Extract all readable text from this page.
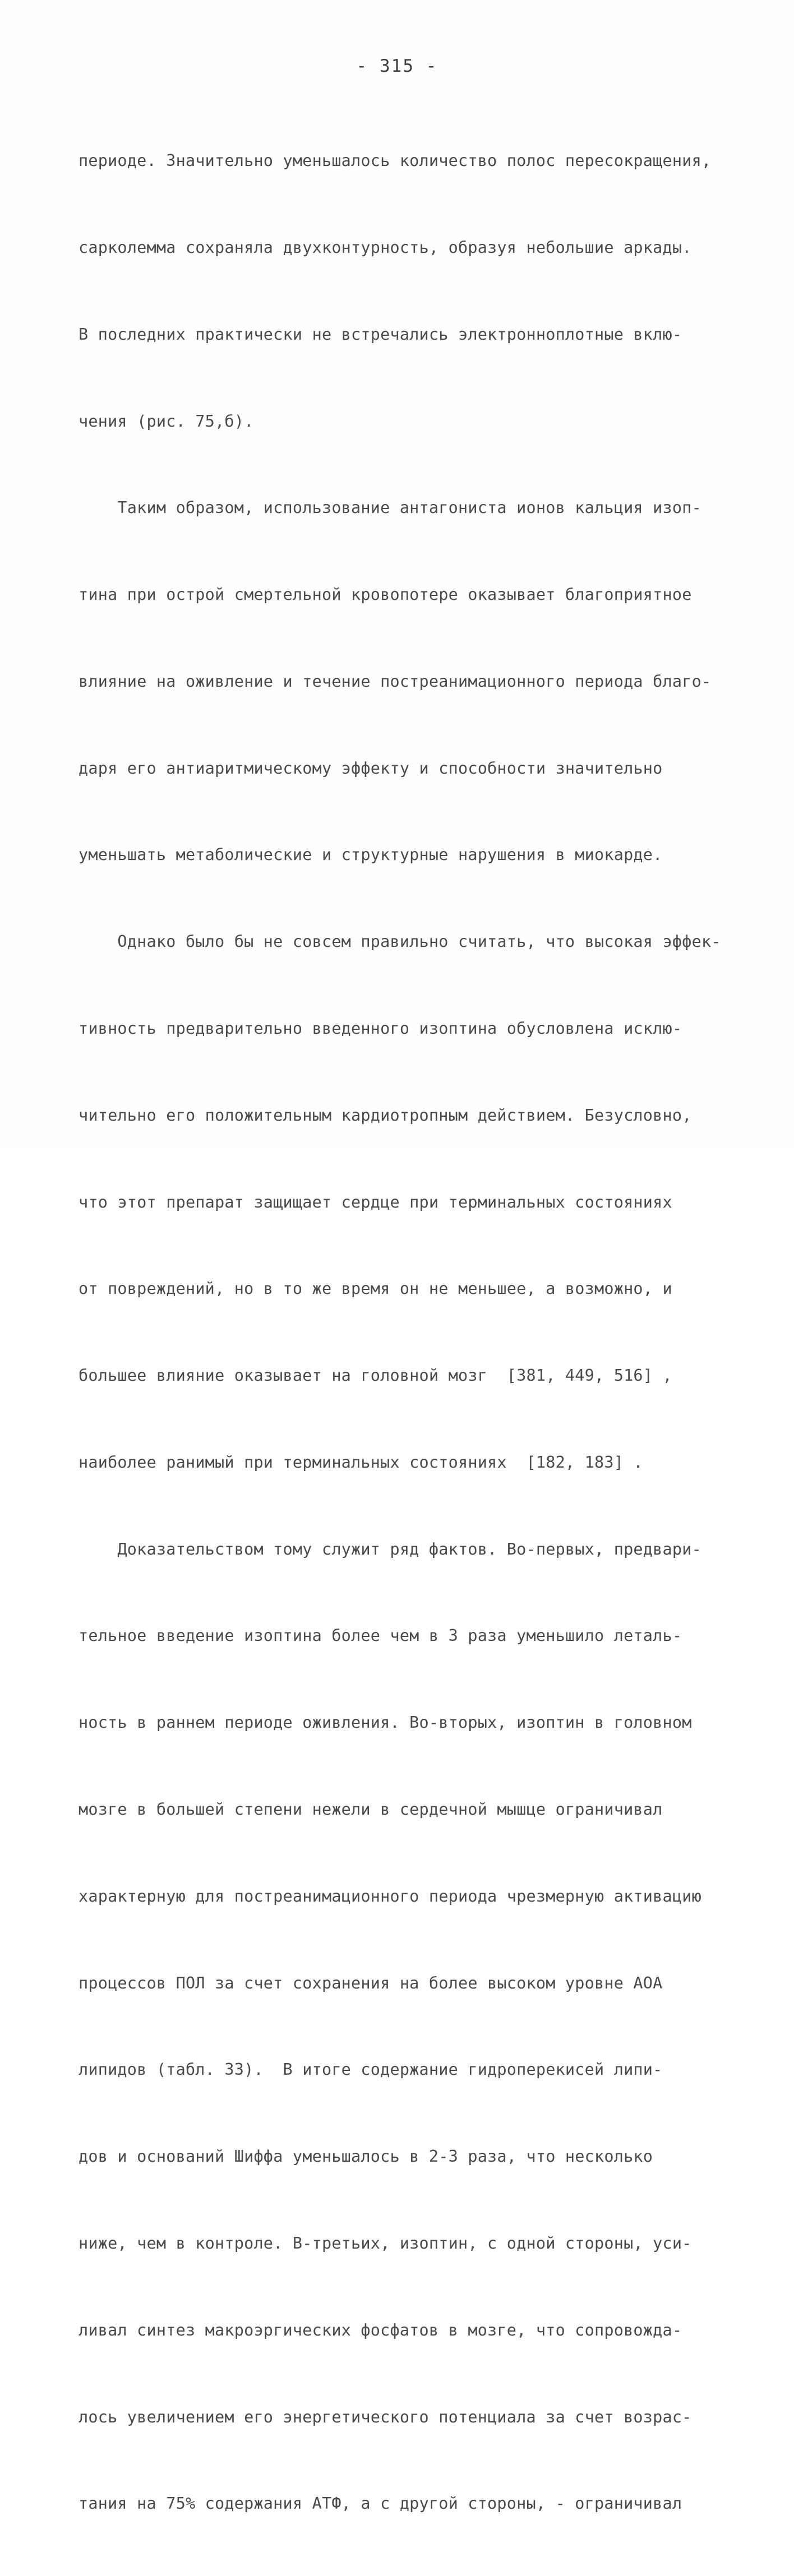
- 315 -

периоде. Значительно уменьшалось количество полос пересокращения,

сарколемма сохраняла двухконтурность, образуя небольшие аркады.

В последних практически не встречались электронноплотные вклю-

чения (рис. 75,б).

Таким образом, использование антагониста ионов кальция изоп-

тина при острой смертельной кровопотере оказывает благоприятное

влияние на оживление и течение постреанимационного периода благо-

даря его антиаритмическому эффекту и способности значительно

уменьшать метаболические и структурные нарушения в миокарде.

Однако было бы не совсем правильно считать, что высокая эффек-

тивность предварительно введенного изоптина обусловлена исклю-

чительно его положительным кардиотропным действием. Безусловно,

что этот препарат защищает сердце при терминальных состояниях

от повреждений, но в то же время он не меньшее, а возможно, и

большее влияние оказывает на головной мозг  [381, 449, 516] ,

наиболее ранимый при терминальных состояниях  [182, 183] .

Доказательством тому служит ряд фактов. Во-первых, предвари-

тельное введение изоптина более чем в 3 раза уменьшило леталь-

ность в раннем периоде оживления. Во-вторых, изоптин в головном

мозге в большей степени нежели в сердечной мышце ограничивал

характерную для постреанимационного периода чрезмерную активацию

процессов ПОЛ за счет сохранения на более высоком уровне АОА

липидов (табл. 33).  В итоге содержание гидроперекисей липи-

дов и оснований Шиффа уменьшалось в 2-3 раза, что несколько

ниже, чем в контроле. В-третьих, изоптин, с одной стороны, уси-

ливал синтез макроэргических фосфатов в мозге, что сопровожда-

лось увеличением его энергетического потенциала за счет возрас-

тания на 75% содержания АТФ, а с другой стороны, - ограничивал
